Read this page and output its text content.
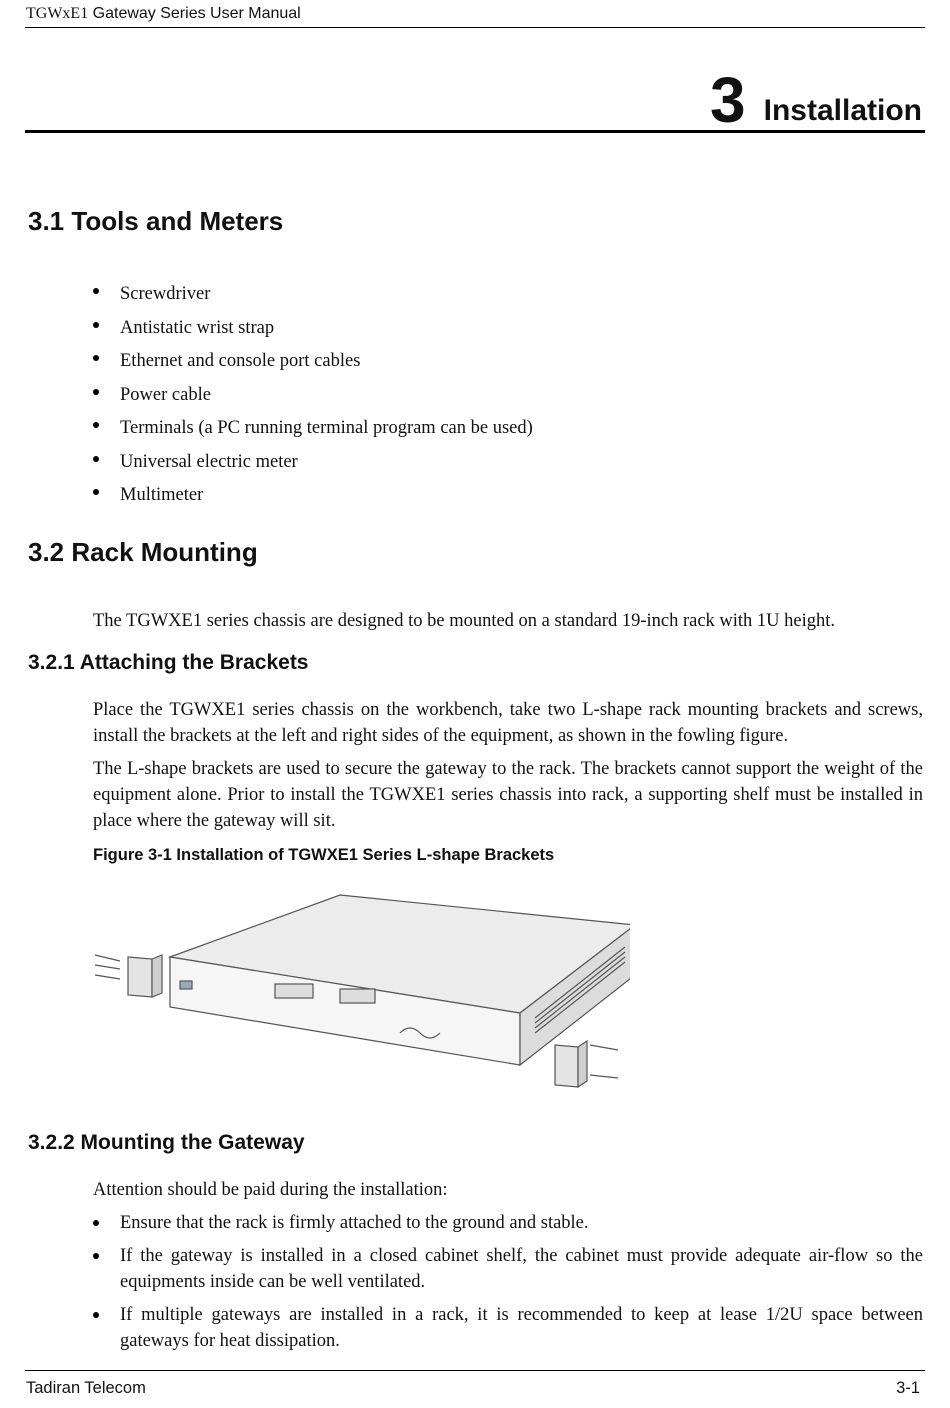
TGWxE1 Gateway Series User Manual
3 Installation
3.1 Tools and Meters
Screwdriver
Antistatic wrist strap
Ethernet and console port cables
Power cable
Terminals (a PC running terminal program can be used)
Universal electric meter
Multimeter
3.2 Rack Mounting

The TGWXE1 series chassis are designed to be mounted on a standard 19-inch rack with 1U height.

3.2.1 Attaching the Brackets

Place the TGWXE1 series chassis on the workbench, take two L-shape rack mounting brackets and screws, install the brackets at the left and right sides of the equipment, as shown in the fowling figure.

The L-shape brackets are used to secure the gateway to the rack. The brackets cannot support the weight of the equipment alone. Prior to install the TGWXE1 series chassis into rack, a supporting shelf must be installed in place where the gateway will sit.

Figure 3-1 Installation of TGWXE1 Series L-shape Brackets
3.2.2 Mounting the Gateway

Attention should be paid during the installation:

Ensure that the rack is firmly attached to the ground and stable.
If the gateway is installed in a closed cabinet shelf, the cabinet must provide adequate air-flow so the equipments inside can be well ventilated.
If multiple gateways are installed in a rack, it is recommended to keep at lease 1/2U space between gateways for heat dissipation.
Tadiran Telecom	3-1
